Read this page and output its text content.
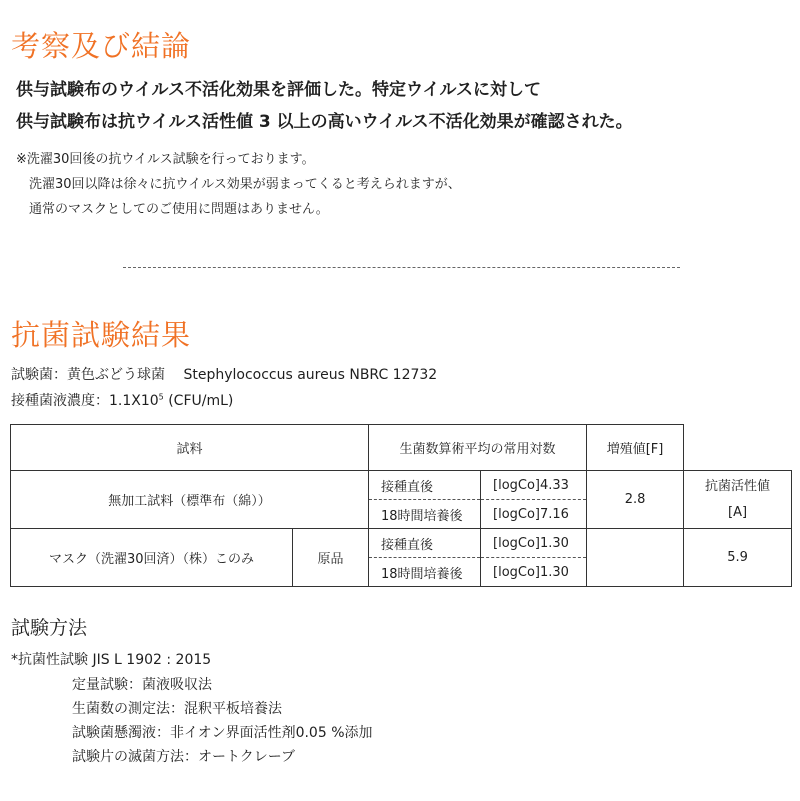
考察及び結論
供与試験布のウイルス不活化効果を評価した。特定ウイルスに対して
供与試験布は抗ウイルス活性値 3 以上の高いウイルス不活化効果が確認された。
※洗濯30回後の抗ウイルス試験を行っております。
洗濯30回以降は徐々に抗ウイルス効果が弱まってくると考えられますが、
通常のマスクとしてのご使用に問題はありません。
抗菌試験結果
試験菌：黄色ぶどう球菌　 Stephylococcus aureus NBRC 12732
接種菌液濃度：$1.1X10^5$ (CFU/mL)
試料		生菌数算術平均の常用対数		増殖値[F]	
無加工試料（標準布（綿））		接種直後	[logCo]4.33	2.8	抗菌活性値
[A]

		18時間培養後	[logCo]7.16		
マスク（洗濯30回済）（株）このみ	原品	接種直後	[logCo]1.30		5.9
		18時間培養後	[logCo]1.30		
試験方法
*抗菌性試験 JIS L 1902 : 2015
定量試験：菌液吸収法
生菌数の測定法：混釈平板培養法
試験菌懸濁液：非イオン界面活性剤0.05 %添加
試験片の滅菌方法：オートクレーブ
